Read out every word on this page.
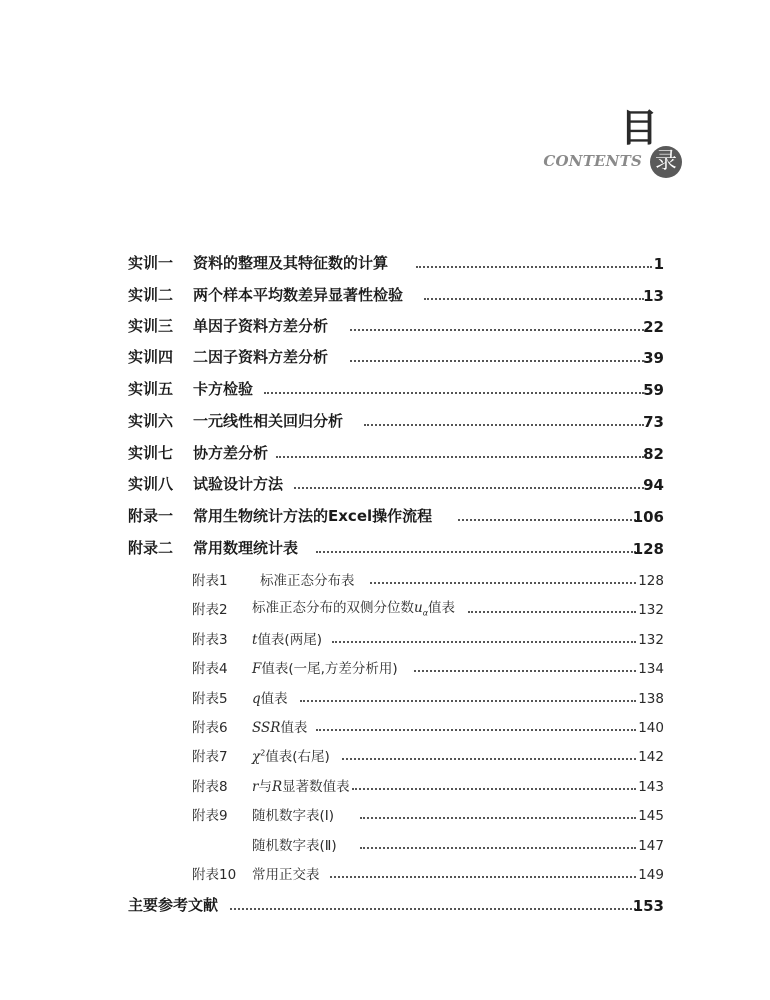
目
CONTENTS 录
实训一 资料的整理及其特征数的计算	1
实训二 两个样本平均数差异显著性检验	13
实训三 单因子资料方差分析	22
实训四 二因子资料方差分析	39
实训五 卡方检验	59
实训六 一元线性相关回归分析	73
实训七 协方差分析	82
实训八 试验设计方法	94
附录一 常用生物统计方法的Excel操作流程	106
附录二 常用数理统计表	128
附表1 标准正态分布表	128
附表2 标准正态分布的双侧分位数$u_\alpha$值表	132
附表3 t值表(两尾)	132
附表4 F值表(一尾,方差分析用)	134
附表5 q值表	138
附表6 SSR值表	140
附表7 $\chi^2$值表(右尾)	142
附表8 r与R显著数值表	143
附表9 随机数字表(Ⅰ)	145
随机数字表(Ⅱ)	147
附表10 常用正交表	149
主要参考文献	153
